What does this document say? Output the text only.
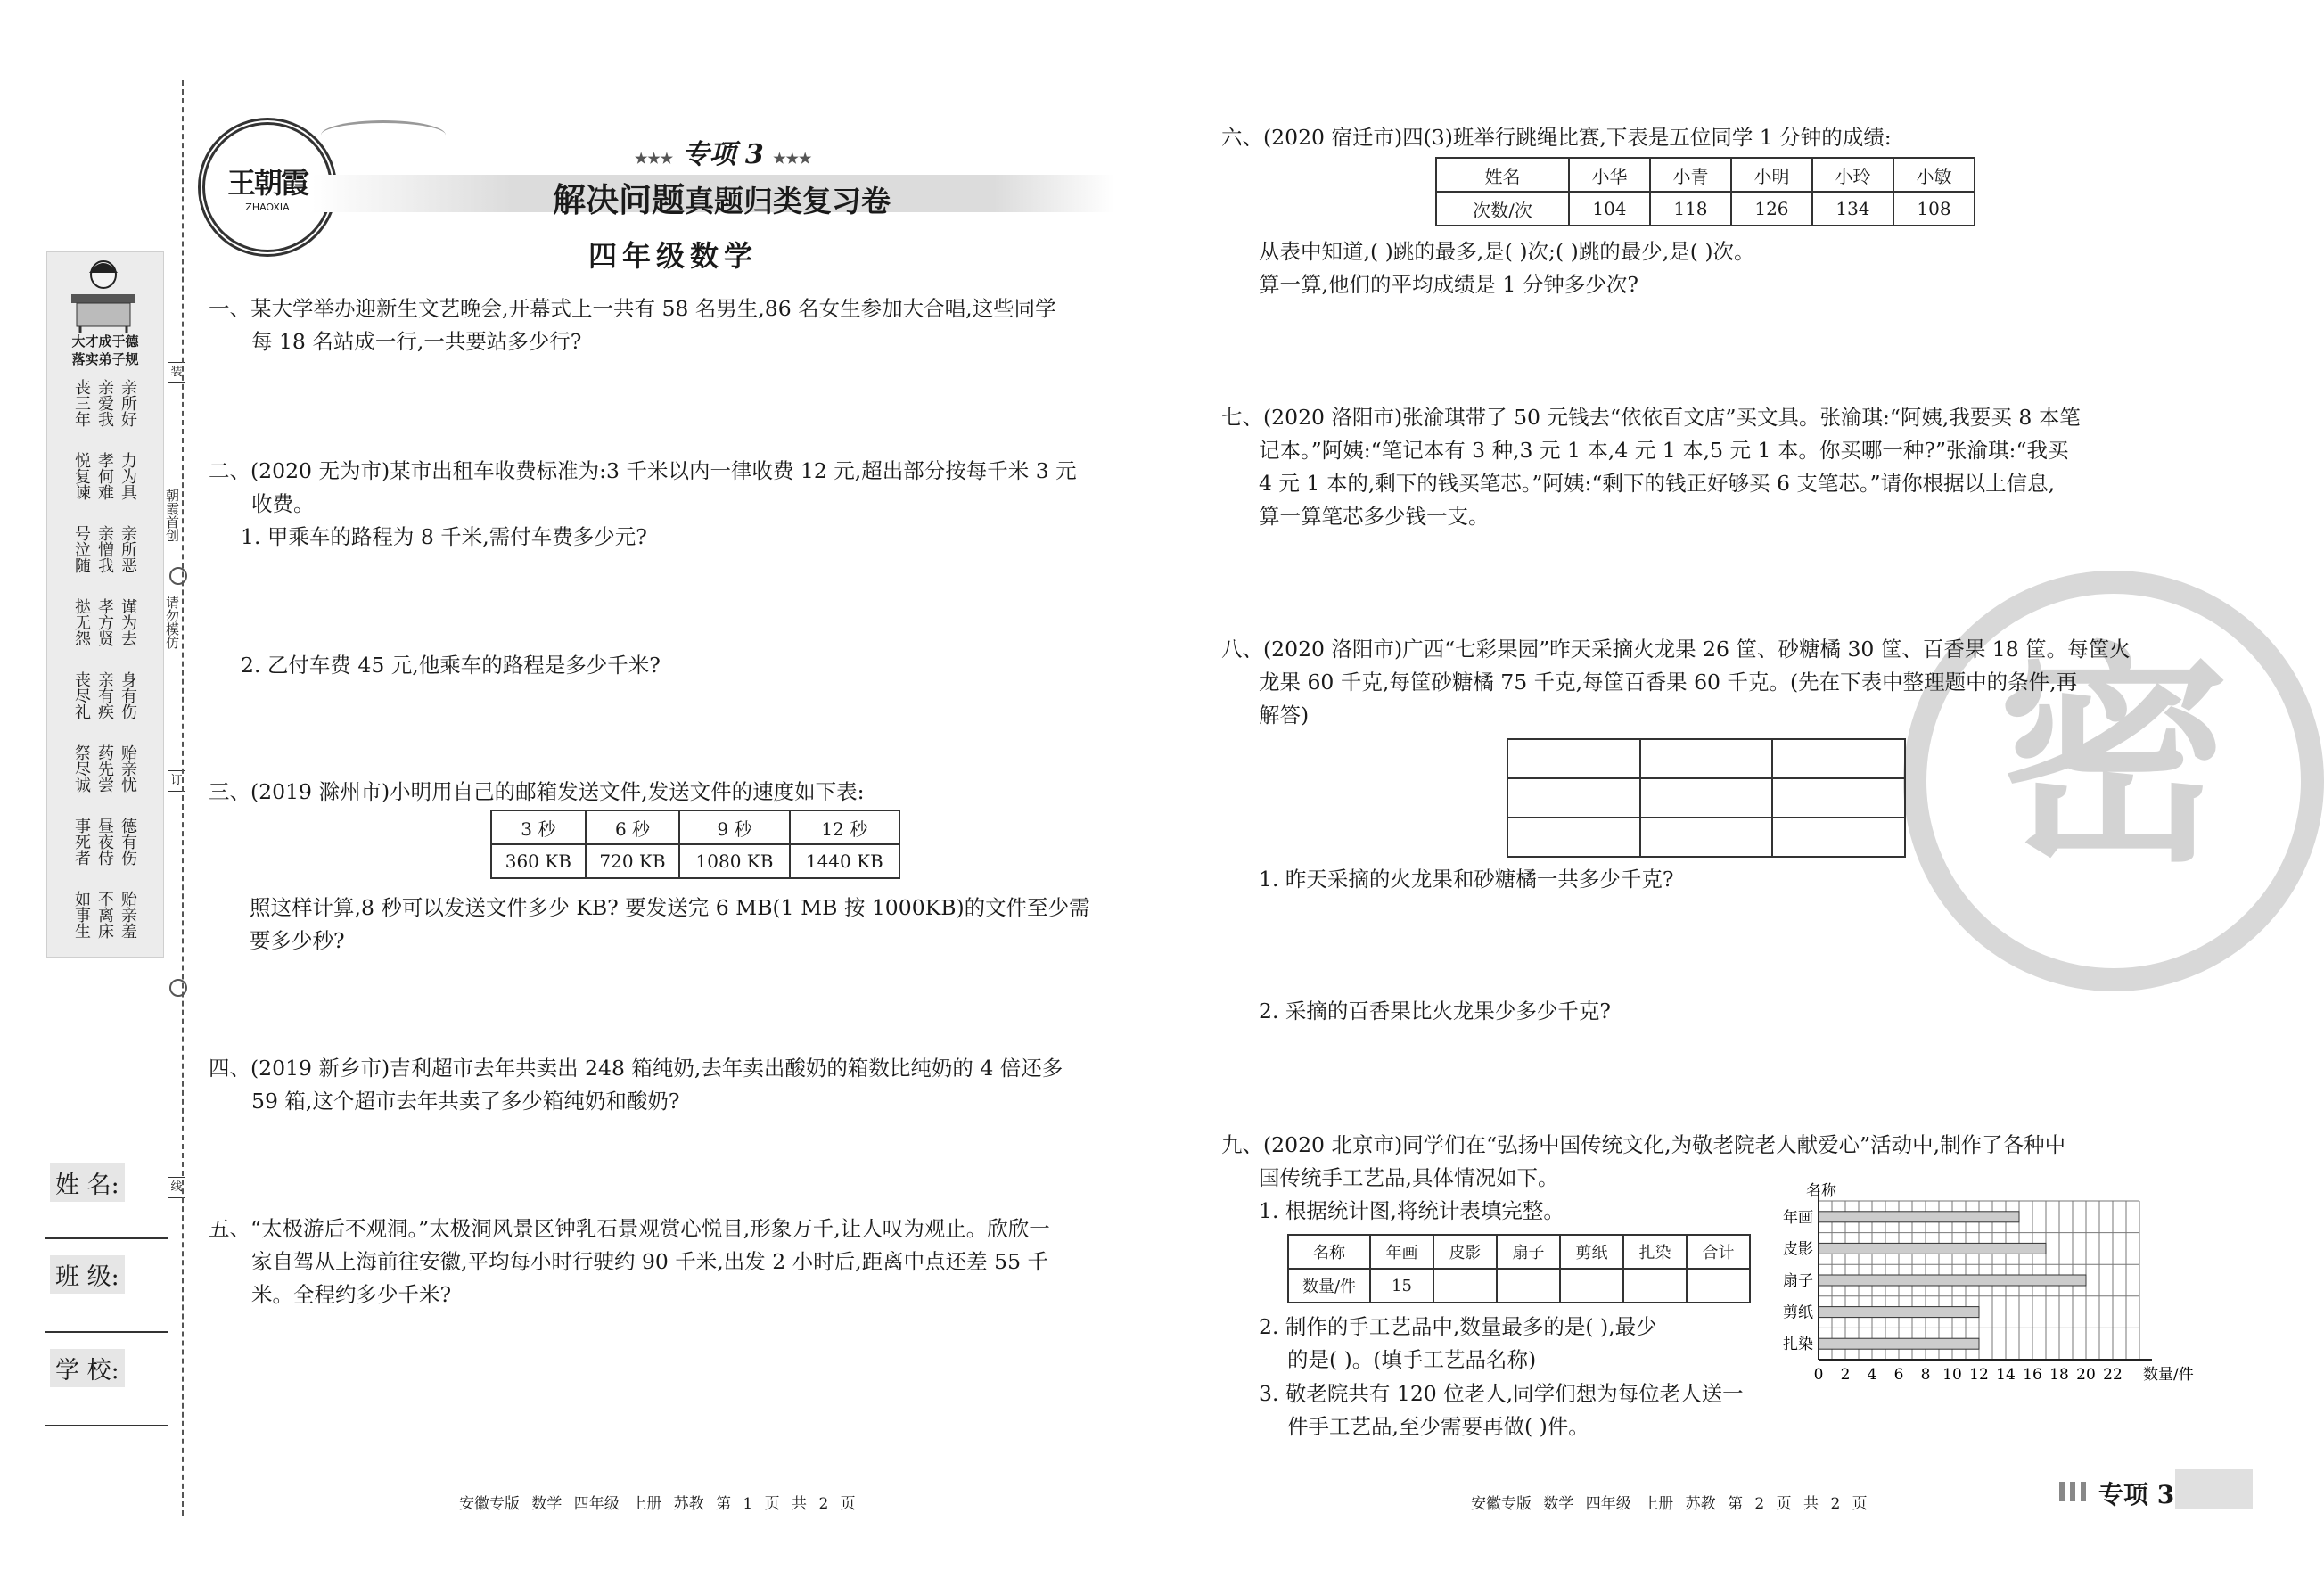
大才成于德
落实弟子规
亲所好
亲爱我
丧三年
力为具
孝何难
悦复谏
亲所恶
亲憎我
号泣随
谨为去
孝方贤
挞无怨
身有伤
亲有疾
丧尽礼
贻亲忧
药先尝
祭尽诚
德有伤
昼夜侍
事死者
贻亲羞
不离床
如事生
朝霞首创
请勿模仿
装
订
线
姓 名:
班 级:
学 校:
王朝霞
ZHAOXIA
★★★ 专项 3 ★★★
解决问题真题归类复习卷
四年级数学

一、某大学举办迎新生文艺晚会,开幕式上一共有 58 名男生,86 名女生参加大合唱,这些同学

每 18 名站成一行,一共要站多少行?

二、(2020 无为市)某市出租车收费标准为:3 千米以内一律收费 12 元,超出部分按每千米 3 元

收费。

1. 甲乘车的路程为 8 千米,需付车费多少元?

2. 乙付车费 45 元,他乘车的路程是多少千米?
三、(2019 滁州市)小明用自己的邮箱发送文件,发送文件的速度如下表:
3 秒	6 秒	9 秒	12 秒
360 KB	720 KB	1080 KB	1440 KB

照这样计算,8 秒可以发送文件多少 KB? 要发送完 6 MB(1 MB 按 1000KB)的文件至少需

要多少秒?

四、(2019 新乡市)吉利超市去年共卖出 248 箱纯奶,去年卖出酸奶的箱数比纯奶的 4 倍还多

59 箱,这个超市去年共卖了多少箱纯奶和酸奶?

五、“太极游后不观洞。”太极洞风景区钟乳石景观赏心悦目,形象万千,让人叹为观止。欣欣一

家自驾从上海前往安徽,平均每小时行驶约 90 千米,出发 2 小时后,距离中点还差 55 千

米。全程约多少千米?

安徽专版 数学 四年级 上册 苏教 第 1 页 共 2 页
密
六、(2020 宿迁市)四(3)班举行跳绳比赛,下表是五位同学 1 分钟的成绩:
姓名	小华	小青	小明	小玲	小敏
次数/次	104	118	126	134	108

从表中知道,( )跳的最多,是( )次;( )跳的最少,是( )次。

算一算,他们的平均成绩是 1 分钟多少次?

七、(2020 洛阳市)张渝琪带了 50 元钱去“依依百文店”买文具。张渝琪:“阿姨,我要买 8 本笔

记本。”阿姨:“笔记本有 3 种,3 元 1 本,4 元 1 本,5 元 1 本。你买哪一种?”张渝琪:“我买

4 元 1 本的,剩下的钱买笔芯。”阿姨:“剩下的钱正好够买 6 支笔芯。”请你根据以上信息,

算一算笔芯多少钱一支。

八、(2020 洛阳市)广西“七彩果园”昨天采摘火龙果 26 筐、砂糖橘 30 筐、百香果 18 筐。每筐火

龙果 60 千克,每筐砂糖橘 75 千克,每筐百香果 60 千克。(先在下表中整理题中的条件,再

解答)

1. 昨天采摘的火龙果和砂糖橘一共多少千克?
2. 采摘的百香果比火龙果少多少千克?

九、(2020 北京市)同学们在“弘扬中国传统文化,为敬老院老人献爱心”活动中,制作了各种中

国传统手工艺品,具体情况如下。

1. 根据统计图,将统计表填完整。
名称	年画	皮影	扇子	剪纸	扎染	合计
数量/件	15					

2. 制作的手工艺品中,数量最多的是( ),最少

的是( )。(填手工艺品名称)

3. 敬老院共有 120 位老人,同学们想为每位老人送一

件手工艺品,至少需要再做( )件。

年画
皮影
扇子
剪纸
扎染
0 2 4 6 8 10 12 14 16 18 20 22 数量/件
名称
安徽专版 数学 四年级 上册 苏教 第 2 页 共 2 页	专项 3
